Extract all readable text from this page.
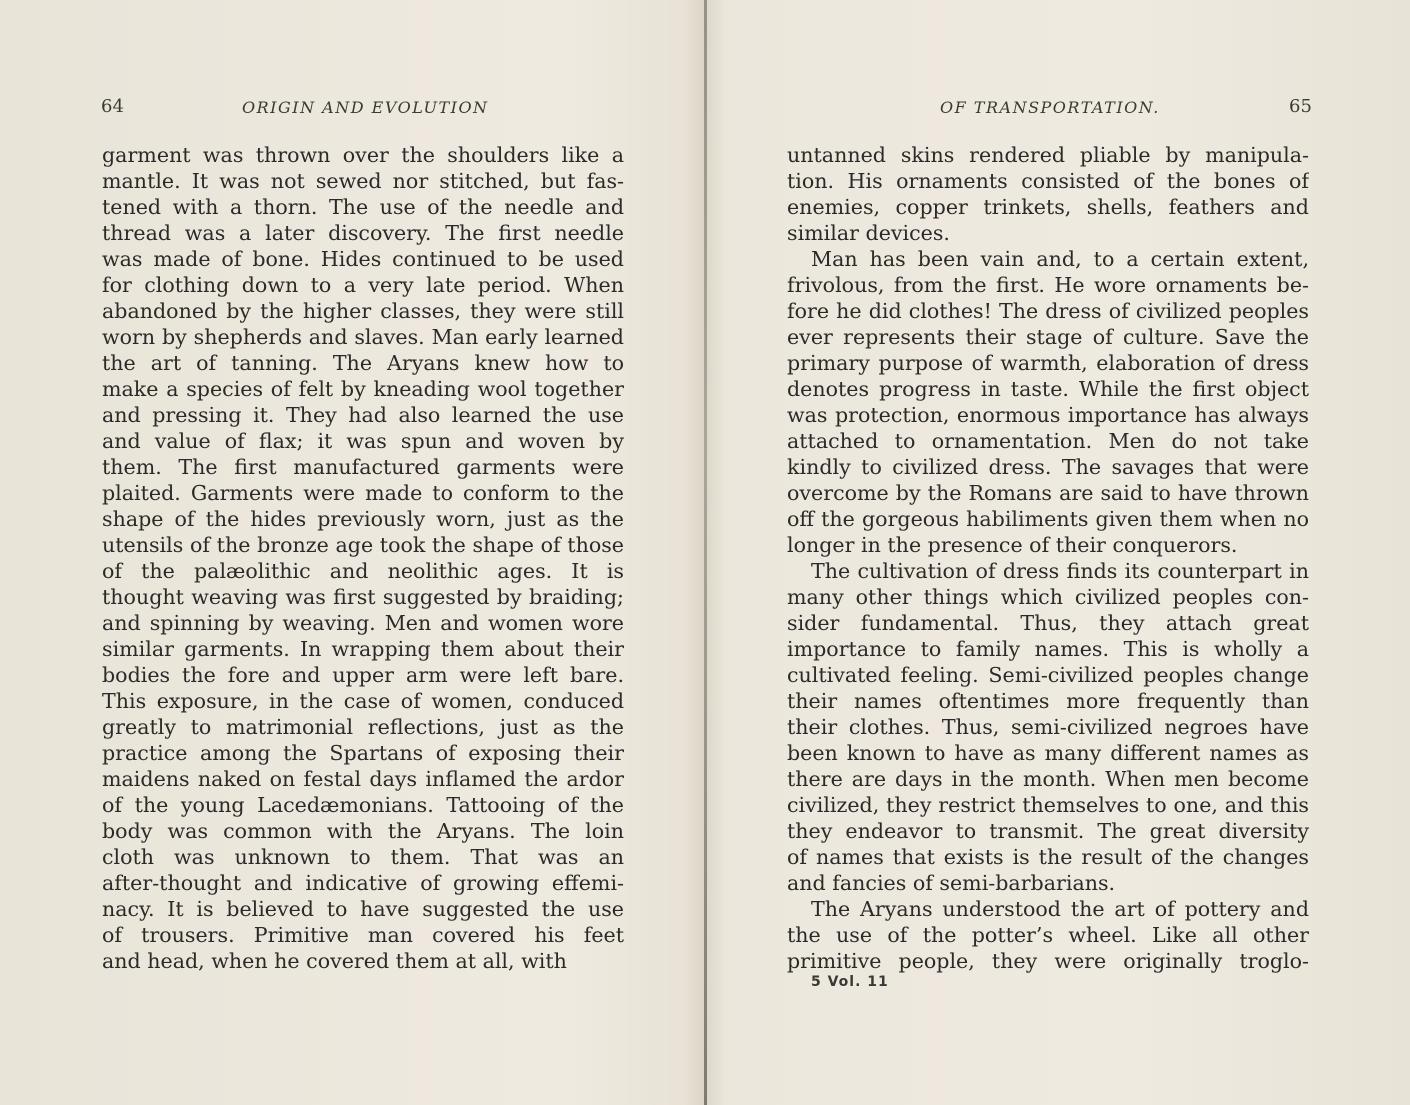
64	ORIGIN AND EVOLUTION
garment was thrown over the shoulders like a
mantle. It was not sewed nor stitched, but fas-
tened with a thorn. The use of the needle and
thread was a later discovery. The first needle
was made of bone. Hides continued to be used
for clothing down to a very late period. When
abandoned by the higher classes, they were still
worn by shepherds and slaves. Man early learned
the art of tanning. The Aryans knew how to
make a species of felt by kneading wool together
and pressing it. They had also learned the use
and value of flax; it was spun and woven by
them. The first manufactured garments were
plaited. Garments were made to conform to the
shape of the hides previously worn, just as the
utensils of the bronze age took the shape of those
of the palæolithic and neolithic ages. It is
thought weaving was first suggested by braiding;
and spinning by weaving. Men and women wore
similar garments. In wrapping them about their
bodies the fore and upper arm were left bare.
This exposure, in the case of women, conduced
greatly to matrimonial reflections, just as the
practice among the Spartans of exposing their
maidens naked on festal days inflamed the ardor
of the young Lacedæmonians. Tattooing of the
body was common with the Aryans. The loin
cloth was unknown to them. That was an
after-thought and indicative of growing effemi-
nacy. It is believed to have suggested the use
of trousers. Primitive man covered his feet
and head, when he covered them at all, with
OF TRANSPORTATION.	65
untanned skins rendered pliable by manipula-
tion. His ornaments consisted of the bones of
enemies, copper trinkets, shells, feathers and
similar devices.
Man has been vain and, to a certain extent,
frivolous, from the first. He wore ornaments be-
fore he did clothes! The dress of civilized peoples
ever represents their stage of culture. Save the
primary purpose of warmth, elaboration of dress
denotes progress in taste. While the first object
was protection, enormous importance has always
attached to ornamentation. Men do not take
kindly to civilized dress. The savages that were
overcome by the Romans are said to have thrown
off the gorgeous habiliments given them when no
longer in the presence of their conquerors.
The cultivation of dress finds its counterpart in
many other things which civilized peoples con-
sider fundamental. Thus, they attach great
importance to family names. This is wholly a
cultivated feeling. Semi-civilized peoples change
their names oftentimes more frequently than
their clothes. Thus, semi-civilized negroes have
been known to have as many different names as
there are days in the month. When men become
civilized, they restrict themselves to one, and this
they endeavor to transmit. The great diversity
of names that exists is the result of the changes
and fancies of semi-barbarians.
The Aryans understood the art of pottery and
the use of the potter’s wheel. Like all other
primitive people, they were originally troglo-
5 Vol. 11
